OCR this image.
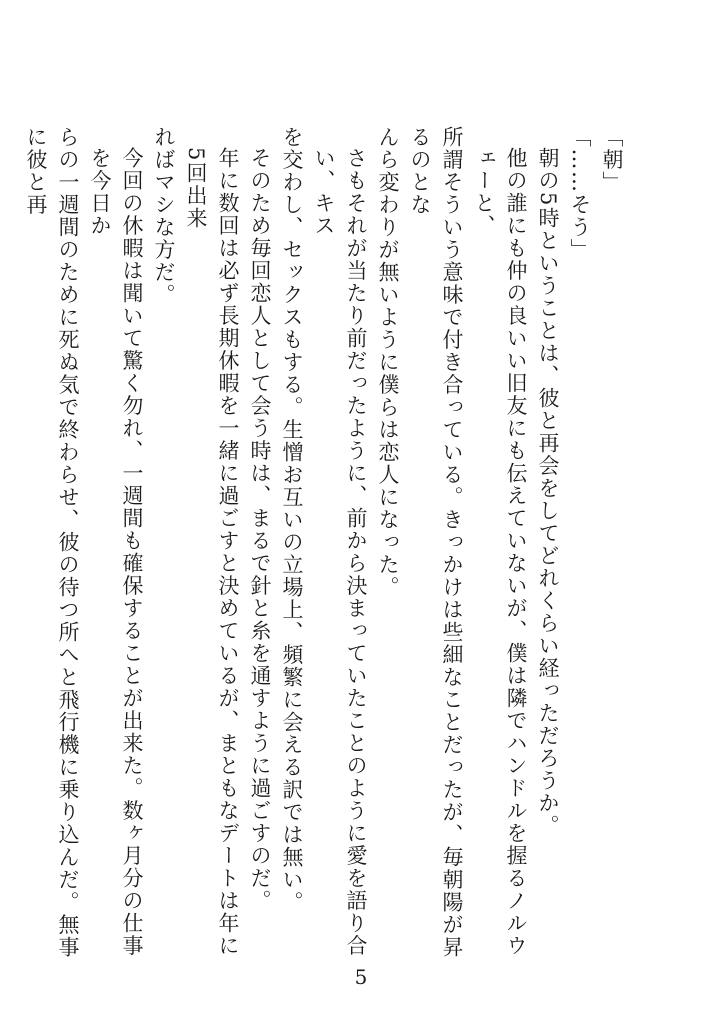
「朝」
「……そう」
朝の5時ということは、彼と再会をしてどれくらい経っただろうか。
他の誰にも仲の良いい旧友にも伝えていないが、僕は隣でハンドルを握るノルウェーと、
所謂そういう意味で付き合っている。きっかけは些細なことだったが、毎朝陽が昇るのとな
んら変わりが無いように僕らは恋人になった。
さもそれが当たり前だったように、前から決まっていたことのように愛を語り合い、キス
を交わし、セックスもする。生憎お互いの立場上、頻繁に会える訳では無い。
そのため毎回恋人として会う時は、まるで針と糸を通すように過ごすのだ。
年に数回は必ず長期休暇を一緒に過ごすと決めているが、まともなデートは年に5回出来
ればマシな方だ。
今回の休暇は聞いて驚く勿れ、一週間も確保することが出来た。数ヶ月分の仕事を今日か
らの一週間のために死ぬ気で終わらせ、彼の待つ所へと飛行機に乗り込んだ。無事に彼と再
5
